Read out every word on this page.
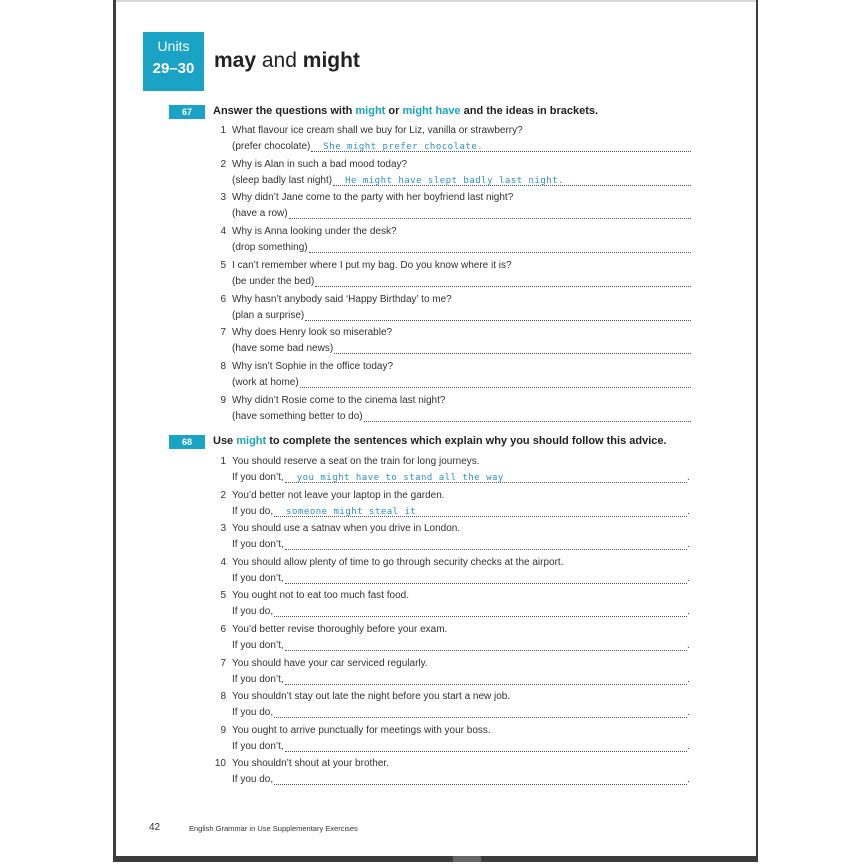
Units
29–30 may and might
67	Answer the questions with might or might have and the ideas in brackets.
1 What flavour ice cream shall we buy for Liz, vanilla or strawberry?
(prefer chocolate) She might prefer chocolate.
2 Why is Alan in such a bad mood today?
(sleep badly last night) He might have slept badly last night.
3 Why didn’t Jane come to the party with her boyfriend last night?
(have a row)
4 Why is Anna looking under the desk?
(drop something)
5 I can’t remember where I put my bag. Do you know where it is?
(be under the bed)
6 Why hasn’t anybody said ‘Happy Birthday’ to me?
(plan a surprise)
7 Why does Henry look so miserable?
(have some bad news)
8 Why isn’t Sophie in the office today?
(work at home)
9 Why didn’t Rosie come to the cinema last night?
(have something better to do)
68	Use might to complete the sentences which explain why you should follow this advice.
1 You should reserve a seat on the train for long journeys.
If you don’t, you might have to stand all the way	.
2 You’d better not leave your laptop in the garden.
If you do, someone might steal it	.
3 You should use a satnav when you drive in London.
If you don’t,	.
4 You should allow plenty of time to go through security checks at the airport.
If you don’t,	.
5 You ought not to eat too much fast food.
If you do,	.
6 You’d better revise thoroughly before your exam.
If you don’t,	.
7 You should have your car serviced regularly.
If you don’t,	.
8 You shouldn’t stay out late the night before you start a new job.
If you do,	.
9 You ought to arrive punctually for meetings with your boss.
If you don’t,	.
10 You shouldn’t shout at your brother.
If you do,	.
42	English Grammar in Use Supplementary Exercises
